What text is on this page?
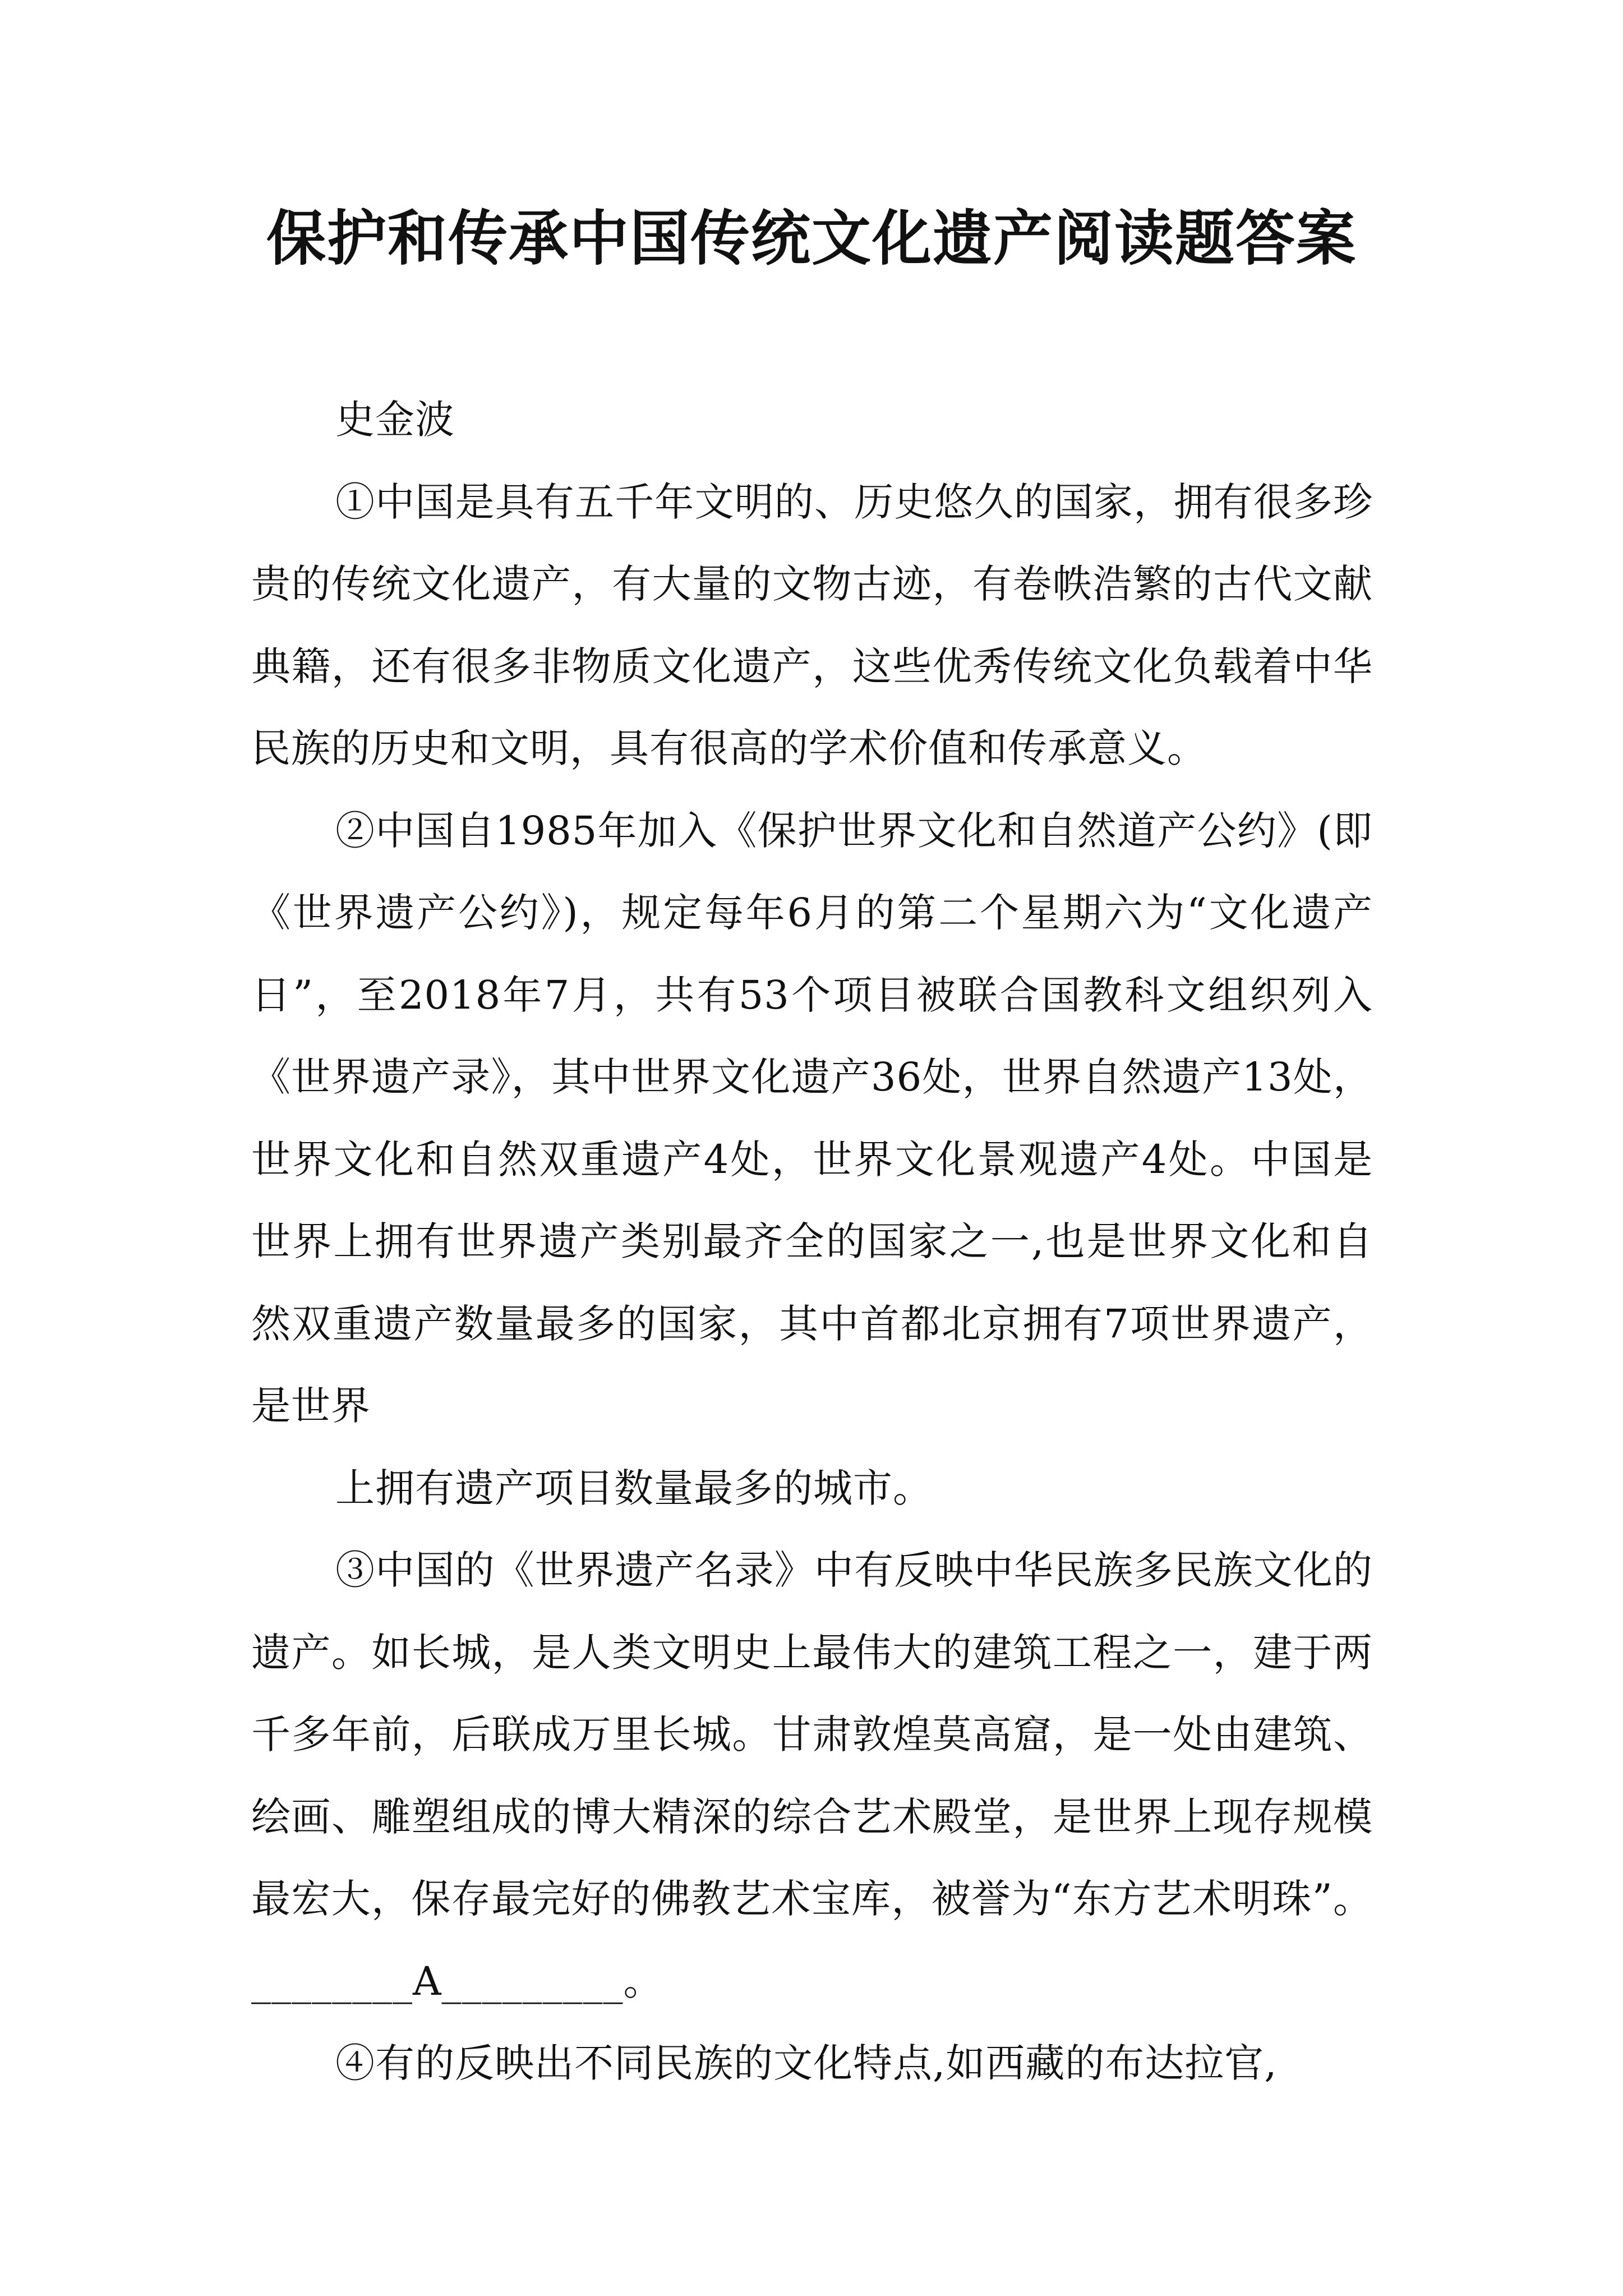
保护和传承中国传统文化遗产阅读题答案

史金波

①中国是具有五千年文明的、历史悠久的国家，拥有很多珍贵的传统文化遗产，有大量的文物古迹，有卷帙浩繁的古代文献典籍，还有很多非物质文化遗产，这些优秀传统文化负载着中华民族的历史和文明，具有很高的学术价值和传承意义。

②中国自1985年加入《保护世界文化和自然道产公约》(即《世界遗产公约》)，规定每年6月的第二个星期六为“文化遗产日”，至2018年7月，共有53个项目被联合国教科文组织列入《世界遗产录》，其中世界文化遗产36处，世界自然遗产13处，世界文化和自然双重遗产4处，世界文化景观遗产4处。中国是世界上拥有世界遗产类别最齐全的国家之一,也是世界文化和自然双重遗产数量最多的国家，其中首都北京拥有7项世界遗产，是世界

上拥有遗产项目数量最多的城市。

③中国的《世界遗产名录》中有反映中华民族多民族文化的遗产。如长城，是人类文明史上最伟大的建筑工程之一，建于两千多年前，后联成万里长城。甘肃敦煌莫高窟，是一处由建筑、绘画、雕塑组成的博大精深的综合艺术殿堂，是世界上现存规模最宏大，保存最完好的佛教艺术宝库，被誉为“东方艺术明珠”。________A_________。

④有的反映出不同民族的文化特点,如西藏的布达拉官,
